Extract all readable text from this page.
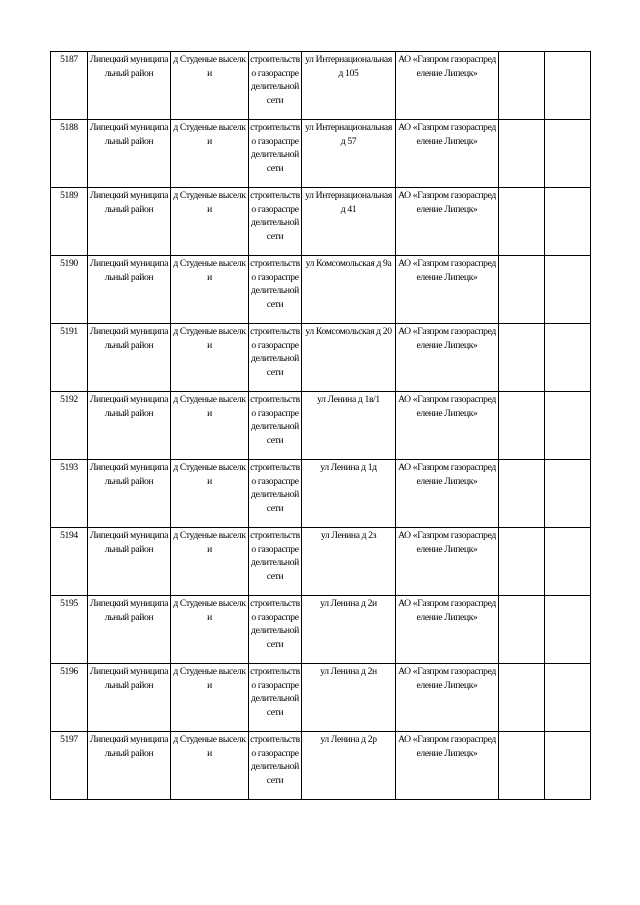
5187	Липецкий муниципальный район	д Студеные выселки	строительство газораспределительной сети	ул Интернациональная д 105	АО «Газпром газораспределение Липецк»		
5188	Липецкий муниципальный район	д Студеные выселки	строительство газораспределительной сети	ул Интернациональная д 57	АО «Газпром газораспределение Липецк»		
5189	Липецкий муниципальный район	д Студеные выселки	строительство газораспределительной сети	ул Интернациональная д 41	АО «Газпром газораспределение Липецк»		
5190	Липецкий муниципальный район	д Студеные выселки	строительство газораспределительной сети	ул Комсомольская д 9а	АО «Газпром газораспределение Липецк»		
5191	Липецкий муниципальный район	д Студеные выселки	строительство газораспределительной сети	ул Комсомольская д 20	АО «Газпром газораспределение Липецк»		
5192	Липецкий муниципальный район	д Студеные выселки	строительство газораспределительной сети	ул Ленина д 1в/1	АО «Газпром газораспределение Липецк»		
5193	Липецкий муниципальный район	д Студеные выселки	строительство газораспределительной сети	ул Ленина д 1д	АО «Газпром газораспределение Липецк»		
5194	Липецкий муниципальный район	д Студеные выселки	строительство газораспределительной сети	ул Ленина д 2з	АО «Газпром газораспределение Липецк»		
5195	Липецкий муниципальный район	д Студеные выселки	строительство газораспределительной сети	ул Ленина д 2и	АО «Газпром газораспределение Липецк»		
5196	Липецкий муниципальный район	д Студеные выселки	строительство газораспределительной сети	ул Ленина д 2н	АО «Газпром газораспределение Липецк»		
5197	Липецкий муниципальный район	д Студеные выселки	строительство газораспределительной сети	ул Ленина д 2р	АО «Газпром газораспределение Липецк»		
